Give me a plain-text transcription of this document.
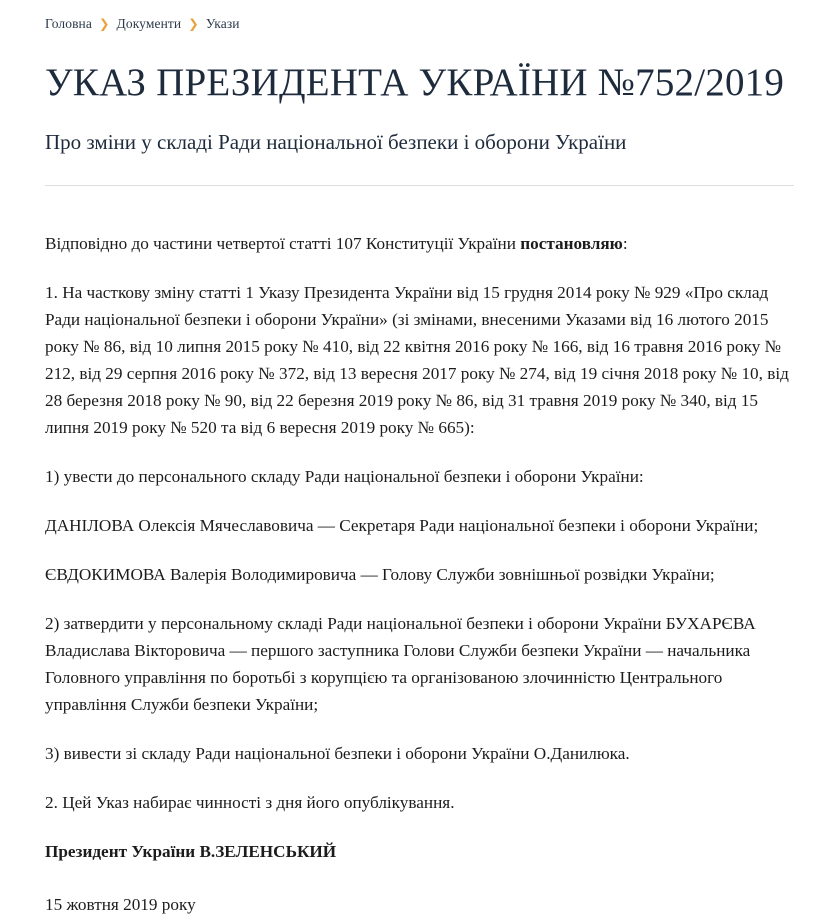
Головна ❯ Документи ❯ Укази
УКАЗ ПРЕЗИДЕНТА УКРАЇНИ №752/2019
Про зміни у складі Ради національної безпеки і оборони України

Відповідно до частини четвертої статті 107 Конституції України постановляю:

1. На часткову зміну статті 1 Указу Президента України від 15 грудня 2014 року № 929 «Про склад Ради національної безпеки і оборони України» (зі змінами, внесеними Указами від 16 лютого 2015 року № 86, від 10 липня 2015 року № 410, від 22 квітня 2016 року № 166, від 16 травня 2016 року № 212, від 29 серпня 2016 року № 372, від 13 вересня 2017 року № 274, від 19 січня 2018 року № 10, від 28 березня 2018 року № 90, від 22 березня 2019 року № 86, від 31 травня 2019 року № 340, від 15 липня 2019 року № 520 та від 6 вересня 2019 року № 665):

1) увести до персонального складу Ради національної безпеки і оборони України:

ДАНІЛОВА Олексія Мячеславовича — Секретаря Ради національної безпеки і оборони України;

ЄВДОКИМОВА Валерія Володимировича — Голову Служби зовнішньої розвідки України;

2) затвердити у персональному складі Ради національної безпеки і оборони України БУХАРЄВА Владислава Вікторовича — першого заступника Голови Служби безпеки України — начальника Головного управління по боротьбі з корупцією та організованою злочинністю Центрального управління Служби безпеки України;

3) вивести зі складу Ради національної безпеки і оборони України О.Данилюка.

2. Цей Указ набирає чинності з дня його опублікування.

Президент України В.ЗЕЛЕНСЬКИЙ

15 жовтня 2019 року
